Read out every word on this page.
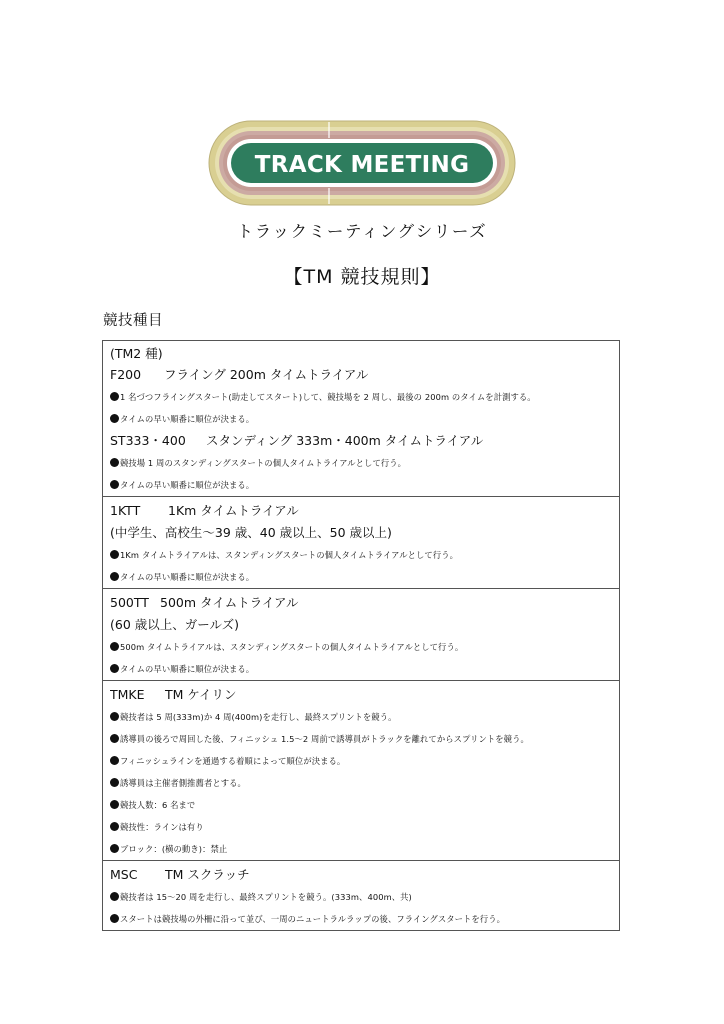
TRACK MEETING
トラックミーティングシリーズ
【TM 競技規則】
競技種目
(TM2 種)
F200 フライング 200m タイムトライアル
1 名づつフライングスタート(助走してスタート)して、競技場を 2 周し、最後の 200m のタイムを計測する。
タイムの早い順番に順位が決まる。
ST333・400 スタンディング 333m・400m タイムトライアル
競技場 1 周のスタンディングスタートの個人タイムトライアルとして行う。
タイムの早い順番に順位が決まる。
1KTT 1Km タイムトライアル
(中学生、高校生〜39 歳、40 歳以上、50 歳以上)
1Km タイムトライアルは、スタンディングスタートの個人タイムトライアルとして行う。
タイムの早い順番に順位が決まる。
500TT 500m タイムトライアル
(60 歳以上、ガールズ)
500m タイムトライアルは、スタンディングスタートの個人タイムトライアルとして行う。
タイムの早い順番に順位が決まる。
TMKE TM ケイリン
競技者は 5 周(333m)か 4 周(400m)を走行し、最終スプリントを競う。
誘導員の後ろで周回した後、フィニッシュ 1.5〜2 周前で誘導員がトラックを離れてからスプリントを競う。
フィニッシュラインを通過する着順によって順位が決まる。
誘導員は主催者側推薦者とする。
競技人数：6 名まで
競技性：ラインは有り
ブロック：(横の動き)：禁止
MSC TM スクラッチ
競技者は 15〜20 周を走行し、最終スプリントを競う。(333m、400m、共)
スタートは競技場の外柵に沿って並び、一周のニュートラルラップの後、フライングスタートを行う。
